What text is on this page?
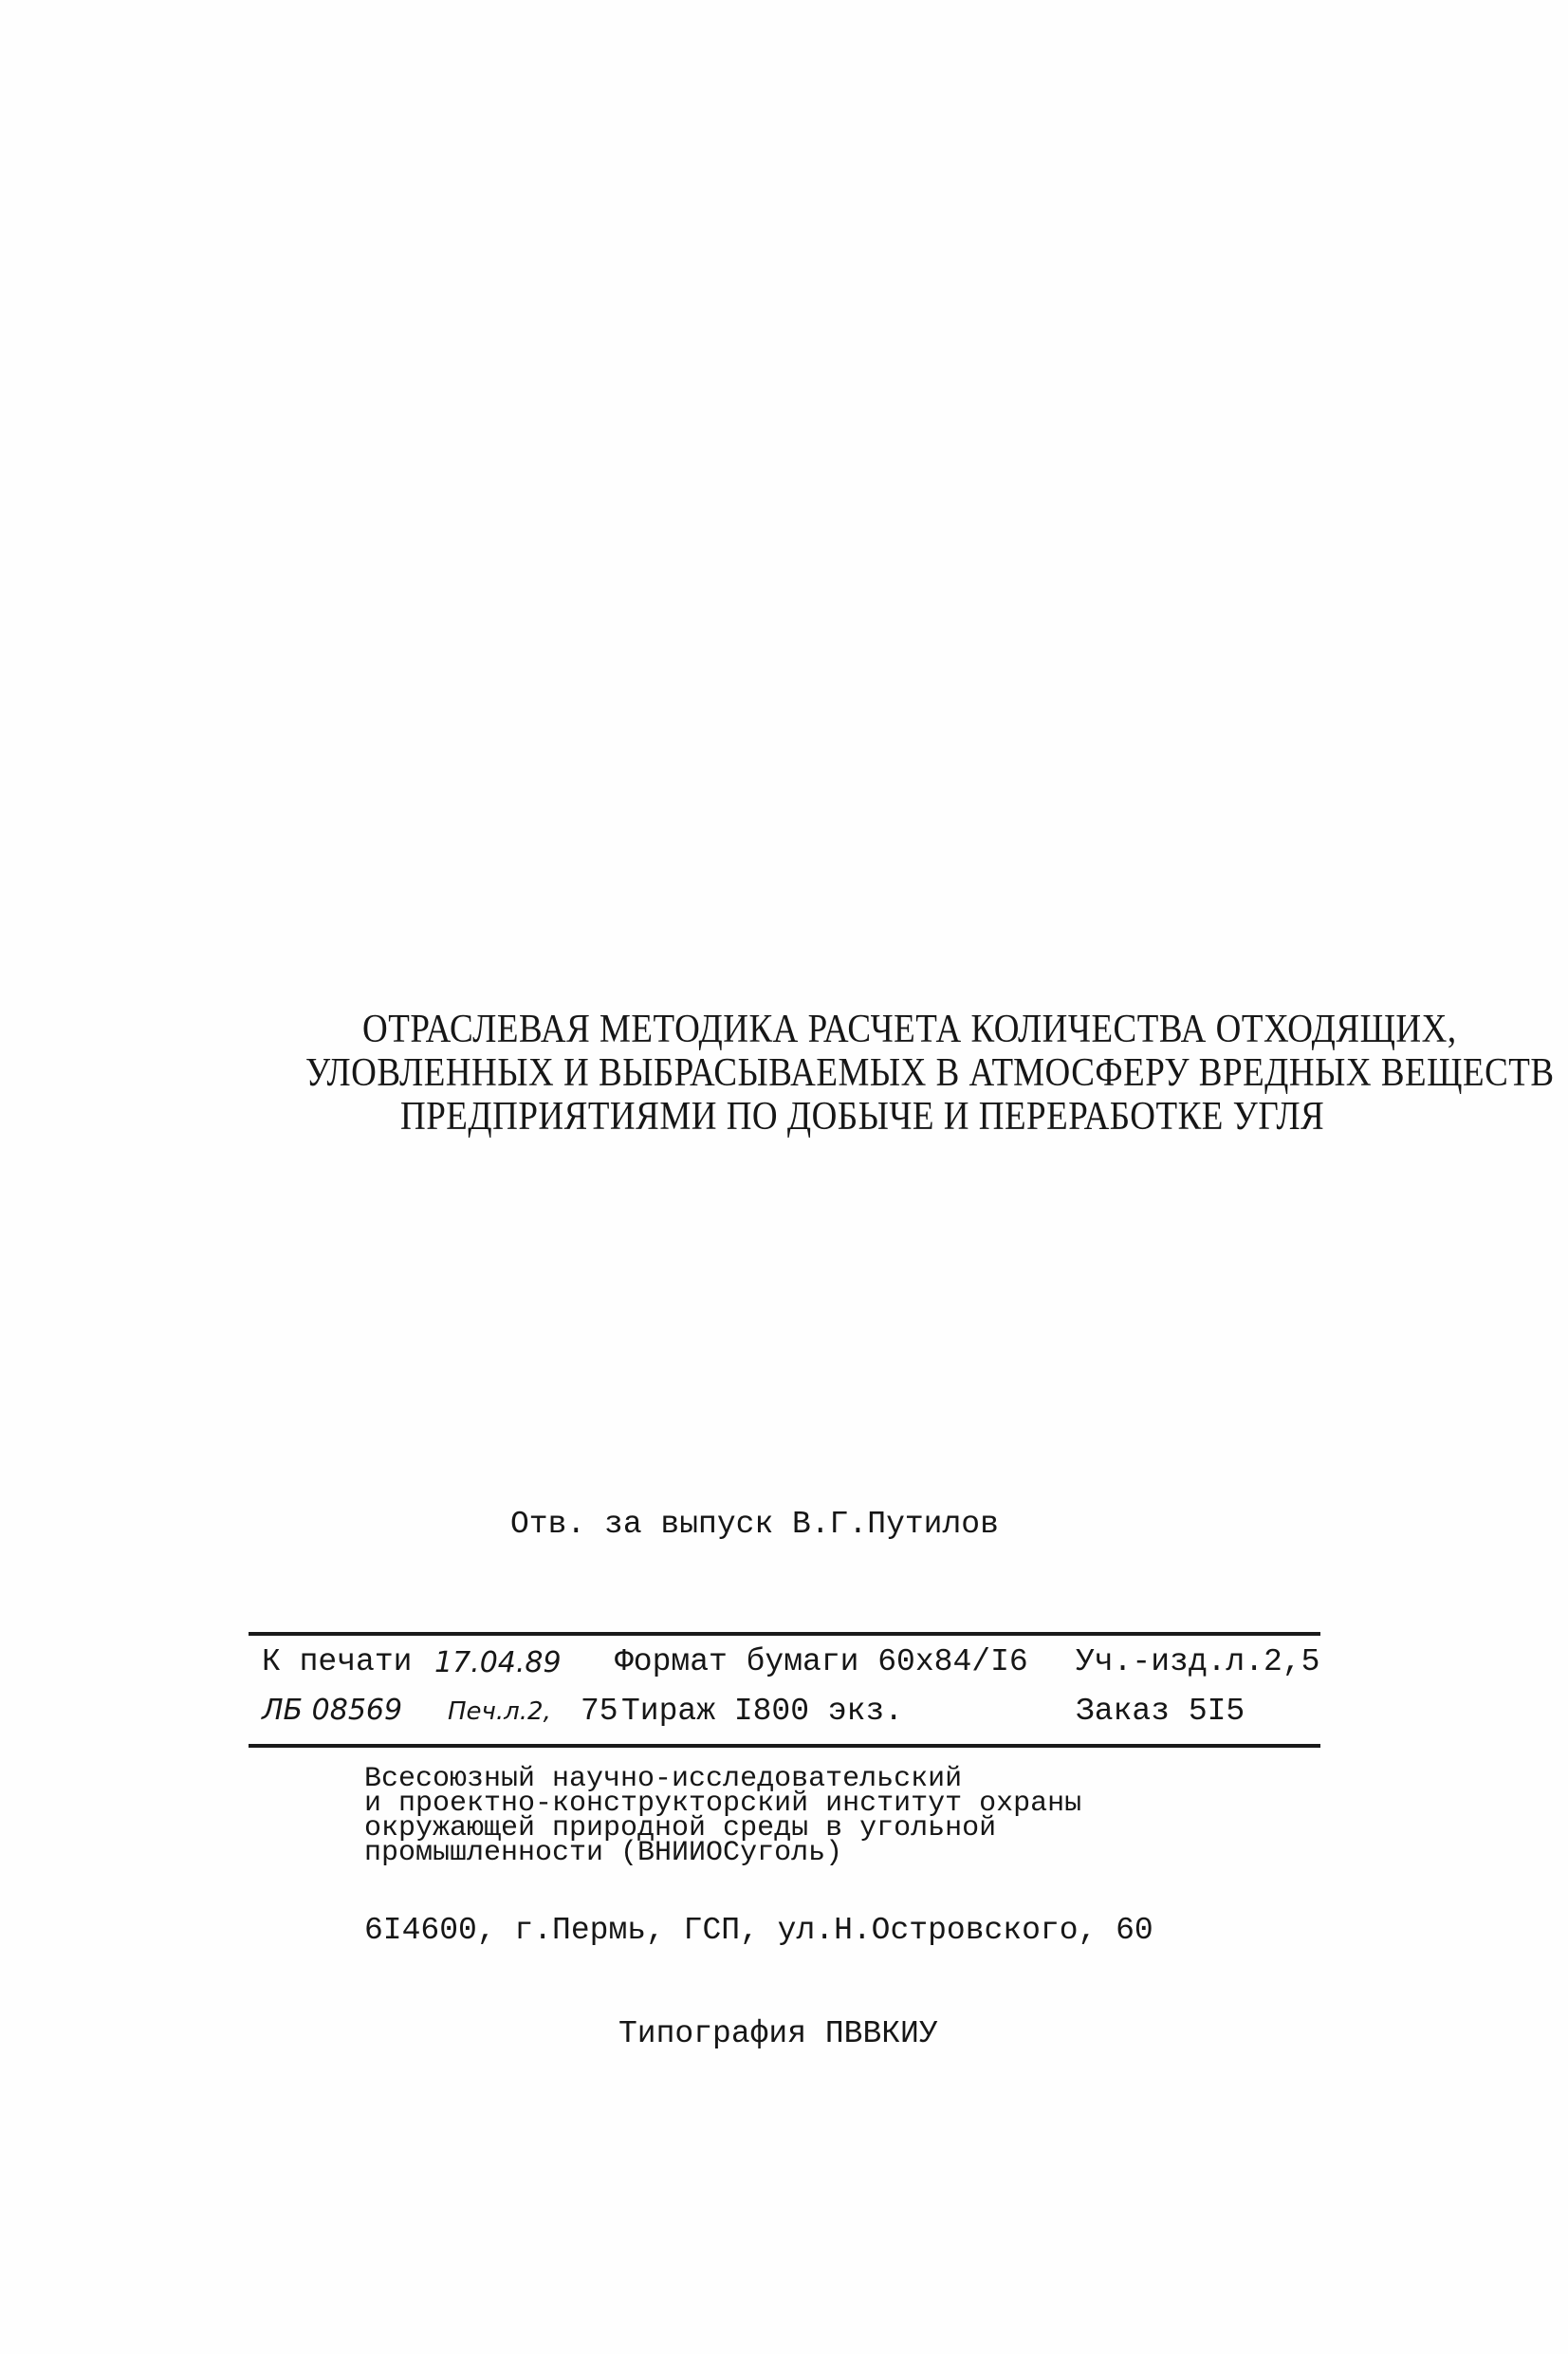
ОТРАСЛЕВАЯ МЕТОДИКА РАСЧЕТА КОЛИЧЕСТВА ОТХОДЯЩИХ,
УЛОВЛЕННЫХ И ВЫБРАСЫВАЕМЫХ В АТМОСФЕРУ ВРЕДНЫХ ВЕЩЕСТВ
ПРЕДПРИЯТИЯМИ ПО ДОБЫЧЕ И ПЕРЕРАБОТКЕ УГЛЯ
Отв. за выпуск В.Г.Путилов
К печати 17.04.89 Формат бумаги 60х84/I6 Уч.-изд.л.2,5
ЛБ 08569 Печ.л.2, 75 Тираж I800 экз.	Заказ 5I5
Всесоюзный научно-исследовательский
и проектно-конструкторский институт охраны
окружающей природной среды в угольной
промышленности (ВНИИОСуголь)
6I4600, г.Пермь, ГСП, ул.Н.Островского, 60
Типография ПВВКИУ
